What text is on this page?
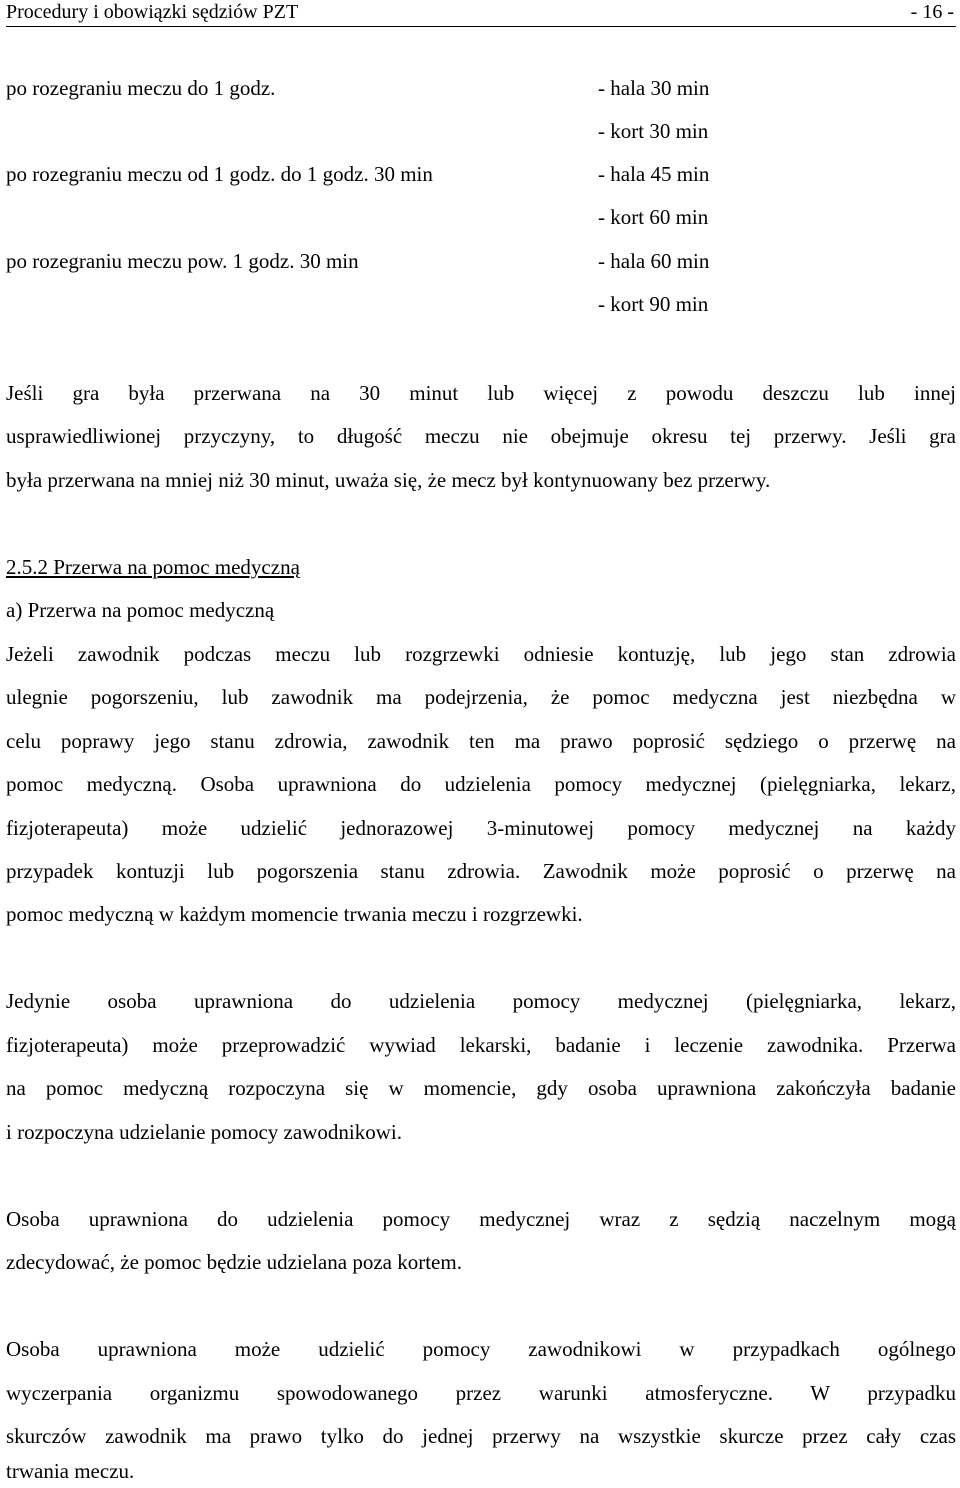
Procedury i obowiązki sędziów PZT	- 16 -
po rozegraniu meczu do 1 godz.	- hala 30 min
- kort 30 min
po rozegraniu meczu od 1 godz. do 1 godz. 30 min	- hala 45 min
- kort 60 min
po rozegraniu meczu pow. 1 godz. 30 min	- hala 60 min
- kort 90 min
Jeśli gra była przerwana na 30 minut lub więcej z powodu deszczu lub innej
usprawiedliwionej przyczyny, to długość meczu nie obejmuje okresu tej przerwy. Jeśli gra
była przerwana na mniej niż 30 minut, uważa się, że mecz był kontynuowany bez przerwy.
2.5.2 Przerwa na pomoc medyczną
a) Przerwa na pomoc medyczną
Jeżeli zawodnik podczas meczu lub rozgrzewki odniesie kontuzję, lub jego stan zdrowia
ulegnie pogorszeniu, lub zawodnik ma podejrzenia, że pomoc medyczna jest niezbędna w
celu poprawy jego stanu zdrowia, zawodnik ten ma prawo poprosić sędziego o przerwę na
pomoc medyczną. Osoba uprawniona do udzielenia pomocy medycznej (pielęgniarka, lekarz,
fizjoterapeuta) może udzielić jednorazowej 3-minutowej pomocy medycznej na każdy
przypadek kontuzji lub pogorszenia stanu zdrowia. Zawodnik może poprosić o przerwę na
pomoc medyczną w każdym momencie trwania meczu i rozgrzewki.
Jedynie osoba uprawniona do udzielenia pomocy medycznej (pielęgniarka, lekarz,
fizjoterapeuta) może przeprowadzić wywiad lekarski, badanie i leczenie zawodnika. Przerwa
na pomoc medyczną rozpoczyna się w momencie, gdy osoba uprawniona zakończyła badanie
i rozpoczyna udzielanie pomocy zawodnikowi.
Osoba uprawniona do udzielenia pomocy medycznej wraz z sędzią naczelnym mogą
zdecydować, że pomoc będzie udzielana poza kortem.
Osoba uprawniona może udzielić pomocy zawodnikowi w przypadkach ogólnego
wyczerpania organizmu spowodowanego przez warunki atmosferyczne. W przypadku
skurczów zawodnik ma prawo tylko do jednej przerwy na wszystkie skurcze przez cały czas
trwania meczu.
